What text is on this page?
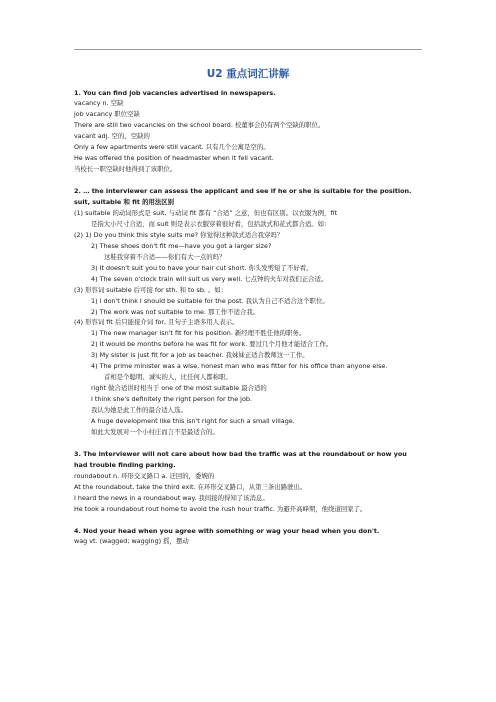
U2 重点词汇讲解
1. You can find job vacancies advertised in newspapers.
vacancy n. 空缺
job vacancy 职位空缺
There are still two vacancies on the school board. 校董事会仍有两个空缺的职位。
vacant adj. 空的，空缺的
Only a few apartments were still vacant. 只有几个公寓是空的。
He was offered the position of headmaster when it fell vacant.
当校长一职空缺时他得到了该职位。
2. … the interviewer can assess the applicant and see if he or she is suitable for the position.
suit, suitable 和 fit 的用法区别
(1) suitable 的动词形式是 suit, 与动词 fit 都有 “合适” 之意，但也有区别。以衣服为例，fit
是指大小尺寸合适，而 suit 则是表示衣服穿着很好看，包括款式和花式都合适。如：
(2) 1) Do you think this style suits me? 你觉得这种款式适合我穿吗？
2) These shoes don't fit me—have you got a larger size?
这鞋我穿着不合适——你们有大一点的吗？
3) It doesn't suit you to have your hair cut short. 你头发剪短了不好看。
4) The seven o'clock train will suit us very well. 七点钟的火车对我们正合适。
(3) 形容词 suitable 后可接 for sth. 和 to sb. 。如：
1) I don't think I should be suitable for the post. 我认为自己不适合这个职位。
2) The work was not suitable to me. 那工作不适合我。
(4) 形容词 fit 后只能接介词 for, 且句子主语多用人表示。
1) The new manager isn't fit for his position. 新经理不胜任他的职务。
2) It would be months before he was fit for work. 要过几个月他才能适合工作。
3) My sister is just fit for a job as teacher. 我妹妹正适合教师这一工作。
4) The prime minister was a wise, honest man who was fitter for his office than anyone else.
首相是个聪明、诚实的人，比任何人都称职。
right 做合适讲时相当于 one of the most suitable 最合适的
I think she's definitely the right person for the job.
我认为她是此工作的最合适人选。
A huge development like this isn't right for such a small village.
如此大发展对一个小村庄而言不是最适合的。
3. The interviewer will not care about how bad the traffic was at the roundabout or how you
had trouble finding parking.
roundabout n. 环形交叉路口 a. 迂回的，委婉的
At the roundabout, take the third exit. 在环形交叉路口，从第三条出路驶出。
I heard the news in a roundabout way. 我间接的得知了该消息。
He took a roundabout rout home to avoid the rush hour traffic. 为避开高峰期，他绕道回家了。
4. Nod your head when you agree with something or wag your head when you don't.
wag vt. (wagged; wagging) 摇，摆动
